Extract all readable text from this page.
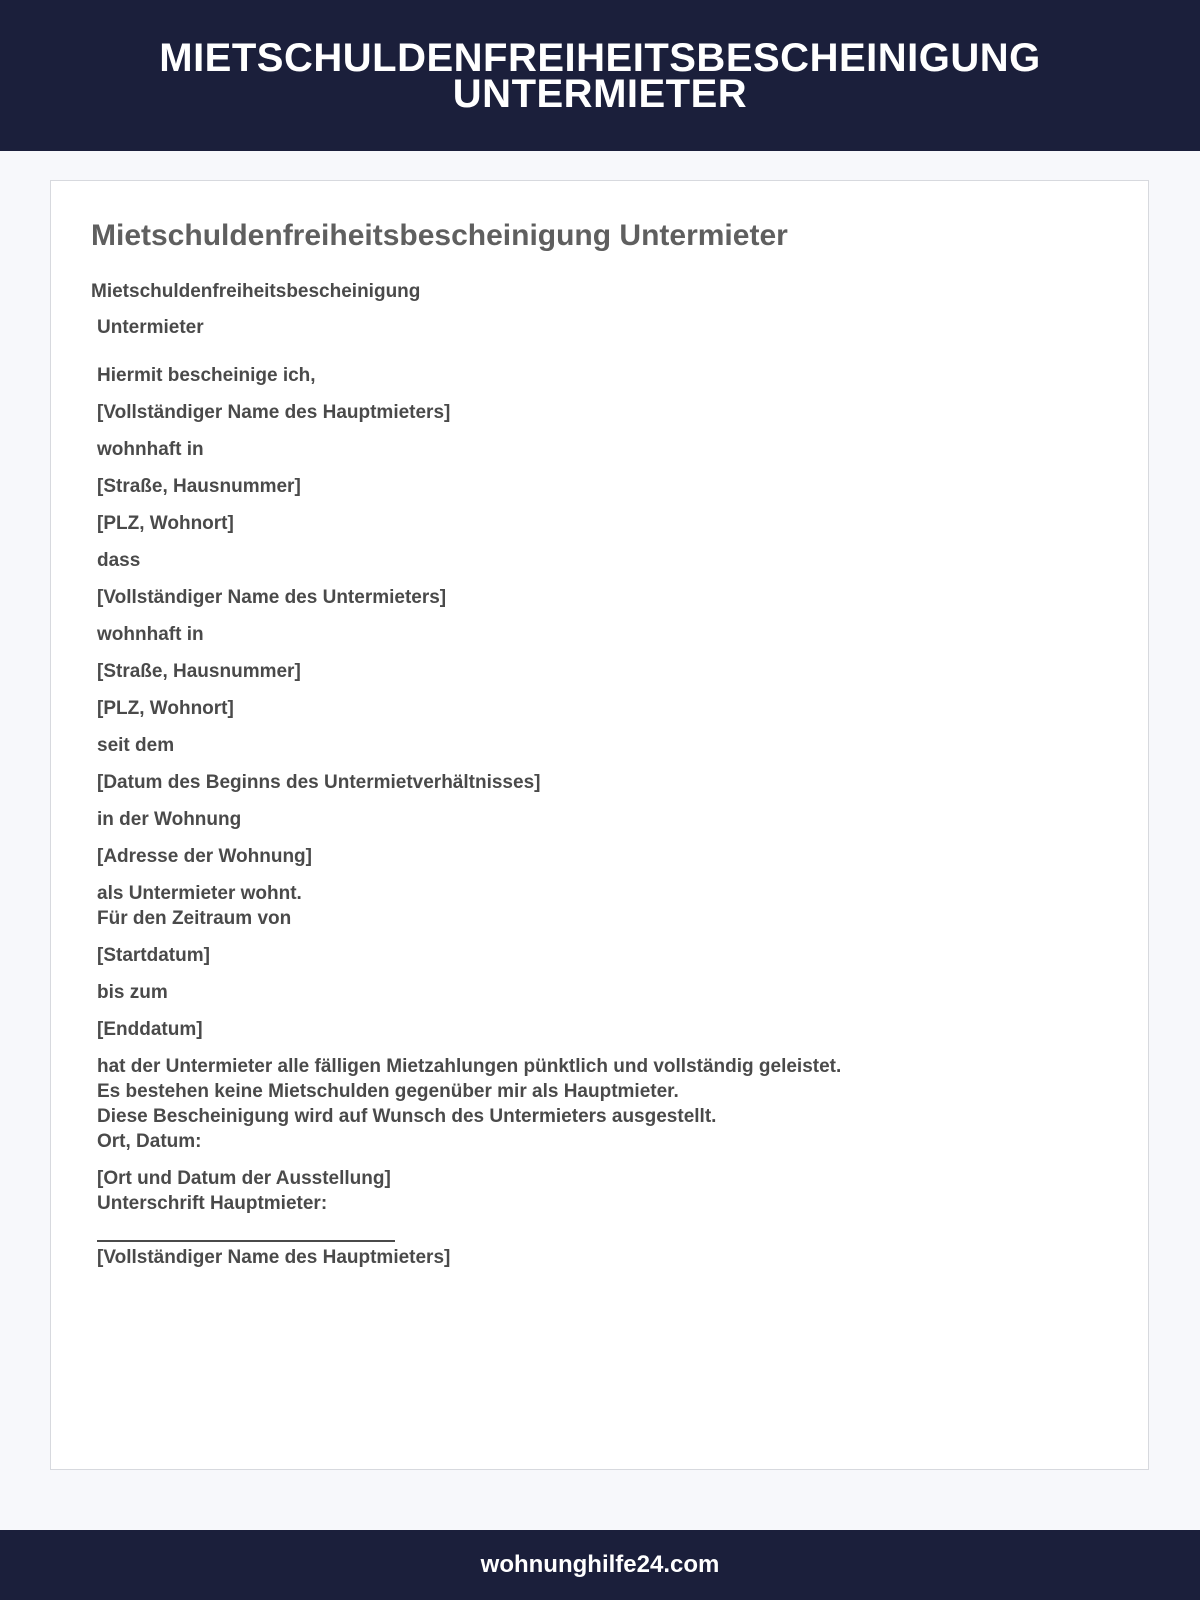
MIETSCHULDENFREIHEITSBESCHEINIGUNG UNTERMIETER
Mietschuldenfreiheitsbescheinigung Untermieter
Mietschuldenfreiheitsbescheinigung
Untermieter
Hiermit bescheinige ich,
[Vollständiger Name des Hauptmieters]
wohnhaft in
[Straße, Hausnummer]
[PLZ, Wohnort]
dass
[Vollständiger Name des Untermieters]
wohnhaft in
[Straße, Hausnummer]
[PLZ, Wohnort]
seit dem
[Datum des Beginns des Untermietverhältnisses]
in der Wohnung
[Adresse der Wohnung]
als Untermieter wohnt.
Für den Zeitraum von
[Startdatum]
bis zum
[Enddatum]
hat der Untermieter alle fälligen Mietzahlungen pünktlich und vollständig geleistet.
Es bestehen keine Mietschulden gegenüber mir als Hauptmieter.
Diese Bescheinigung wird auf Wunsch des Untermieters ausgestellt.
Ort, Datum:
[Ort und Datum der Ausstellung]
Unterschrift Hauptmieter:
[Vollständiger Name des Hauptmieters]
wohnunghilfe24.com
